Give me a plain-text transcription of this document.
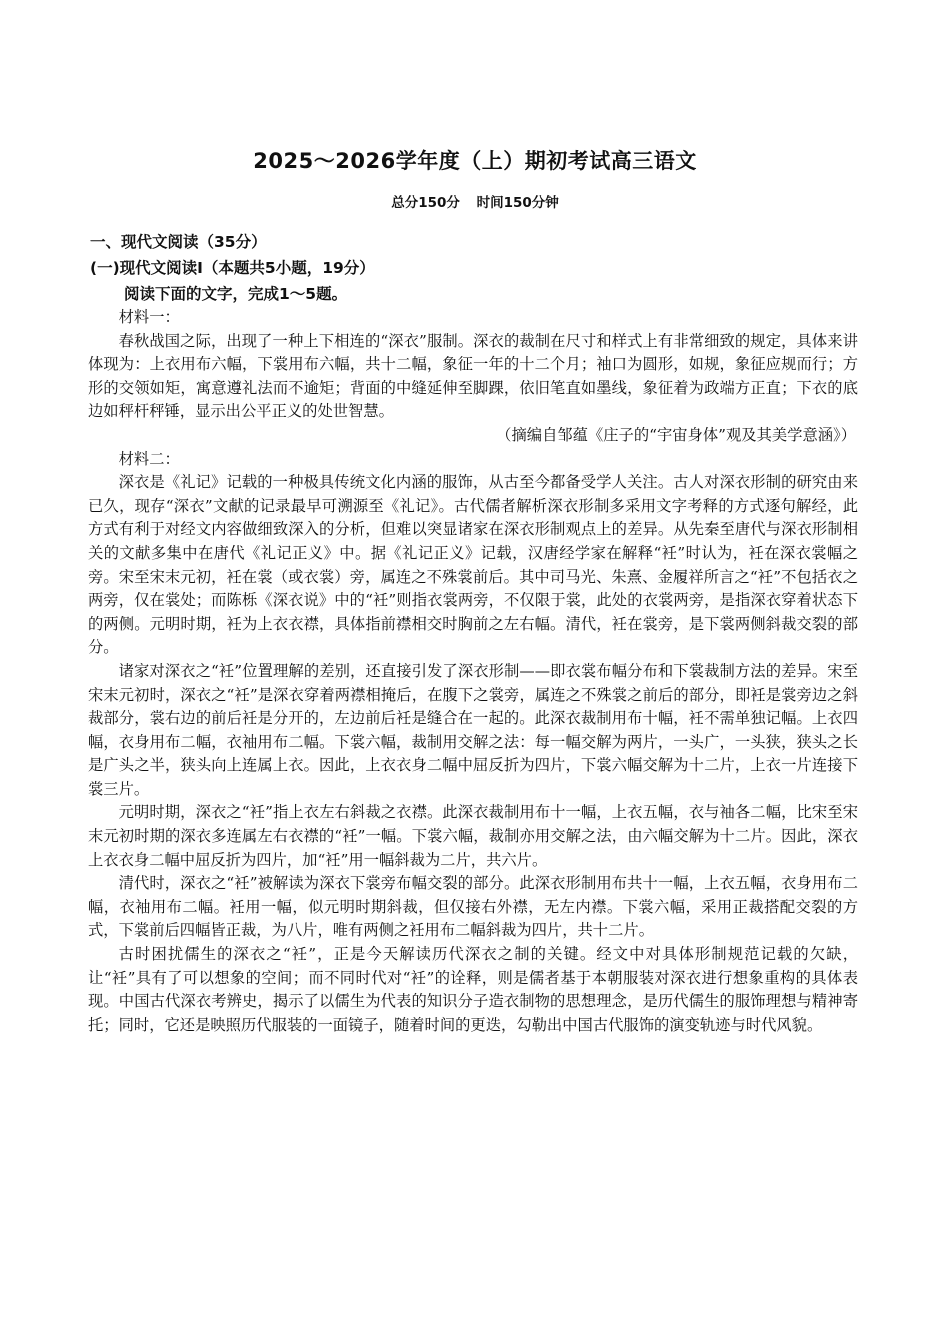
2025～2026学年度（上）期初考试高三语文
总分150分 时间150分钟
一、现代文阅读（35分）
(一)现代文阅读I（本题共5小题，19分）
阅读下面的文字，完成1～5题。

材料一：

春秋战国之际，出现了一种上下相连的“深衣”服制。深衣的裁制在尺寸和样式上有非常细致的规定，具体来讲体现为：上衣用布六幅，下裳用布六幅，共十二幅，象征一年的十二个月；袖口为圆形，如规，象征应规而行；方形的交领如矩，寓意遵礼法而不逾矩；背面的中缝延伸至脚踝，依旧笔直如墨线，象征着为政端方正直；下衣的底边如秤杆秤锤，显示出公平正义的处世智慧。

（摘编自邹蕴《庄子的“宇宙身体”观及其美学意涵》）

材料二：

深衣是《礼记》记载的一种极具传统文化内涵的服饰，从古至今都备受学人关注。古人对深衣形制的研究由来已久，现存“深衣”文献的记录最早可溯源至《礼记》。古代儒者解析深衣形制多采用文字考释的方式逐句解经，此方式有利于对经文内容做细致深入的分析，但难以突显诸家在深衣形制观点上的差异。从先秦至唐代与深衣形制相关的文献多集中在唐代《礼记正义》中。据《礼记正义》记载，汉唐经学家在解释“衽”时认为，衽在深衣裳幅之旁。宋至宋末元初，衽在裳（或衣裳）旁，属连之不殊裳前后。其中司马光、朱熹、金履祥所言之“衽”不包括衣之两旁，仅在裳处；而陈栎《深衣说》中的“衽”则指衣裳两旁，不仅限于裳，此处的衣裳两旁，是指深衣穿着状态下的两侧。元明时期，衽为上衣衣襟，具体指前襟相交时胸前之左右幅。清代，衽在裳旁，是下裳两侧斜裁交裂的部分。

诸家对深衣之“衽”位置理解的差别，还直接引发了深衣形制——即衣裳布幅分布和下裳裁制方法的差异。宋至宋末元初时，深衣之“衽”是深衣穿着两襟相掩后，在腹下之裳旁，属连之不殊裳之前后的部分，即衽是裳旁边之斜裁部分，裳右边的前后衽是分开的，左边前后衽是缝合在一起的。此深衣裁制用布十幅，衽不需单独记幅。上衣四幅，衣身用布二幅，衣袖用布二幅。下裳六幅，裁制用交解之法：每一幅交解为两片，一头广，一头狭，狭头之长是广头之半，狭头向上连属上衣。因此，上衣衣身二幅中屈反折为四片，下裳六幅交解为十二片，上衣一片连接下裳三片。

元明时期，深衣之“衽”指上衣左右斜裁之衣襟。此深衣裁制用布十一幅，上衣五幅，衣与袖各二幅，比宋至宋末元初时期的深衣多连属左右衣襟的“衽”一幅。下裳六幅，裁制亦用交解之法，由六幅交解为十二片。因此，深衣上衣衣身二幅中屈反折为四片，加“衽”用一幅斜裁为二片，共六片。

清代时，深衣之“衽”被解读为深衣下裳旁布幅交裂的部分。此深衣形制用布共十一幅，上衣五幅，衣身用布二幅，衣袖用布二幅。衽用一幅，似元明时期斜裁，但仅接右外襟，无左内襟。下裳六幅，采用正裁搭配交裂的方式，下裳前后四幅皆正裁，为八片，唯有两侧之衽用布二幅斜裁为四片，共十二片。

古时困扰儒生的深衣之“衽”，正是今天解读历代深衣之制的关键。经文中对具体形制规范记载的欠缺，让“衽”具有了可以想象的空间；而不同时代对“衽”的诠释，则是儒者基于本朝服装对深衣进行想象重构的具体表现。中国古代深衣考辨史，揭示了以儒生为代表的知识分子造衣制物的思想理念，是历代儒生的服饰理想与精神寄托；同时，它还是映照历代服装的一面镜子，随着时间的更迭，勾勒出中国古代服饰的演变轨迹与时代风貌。
